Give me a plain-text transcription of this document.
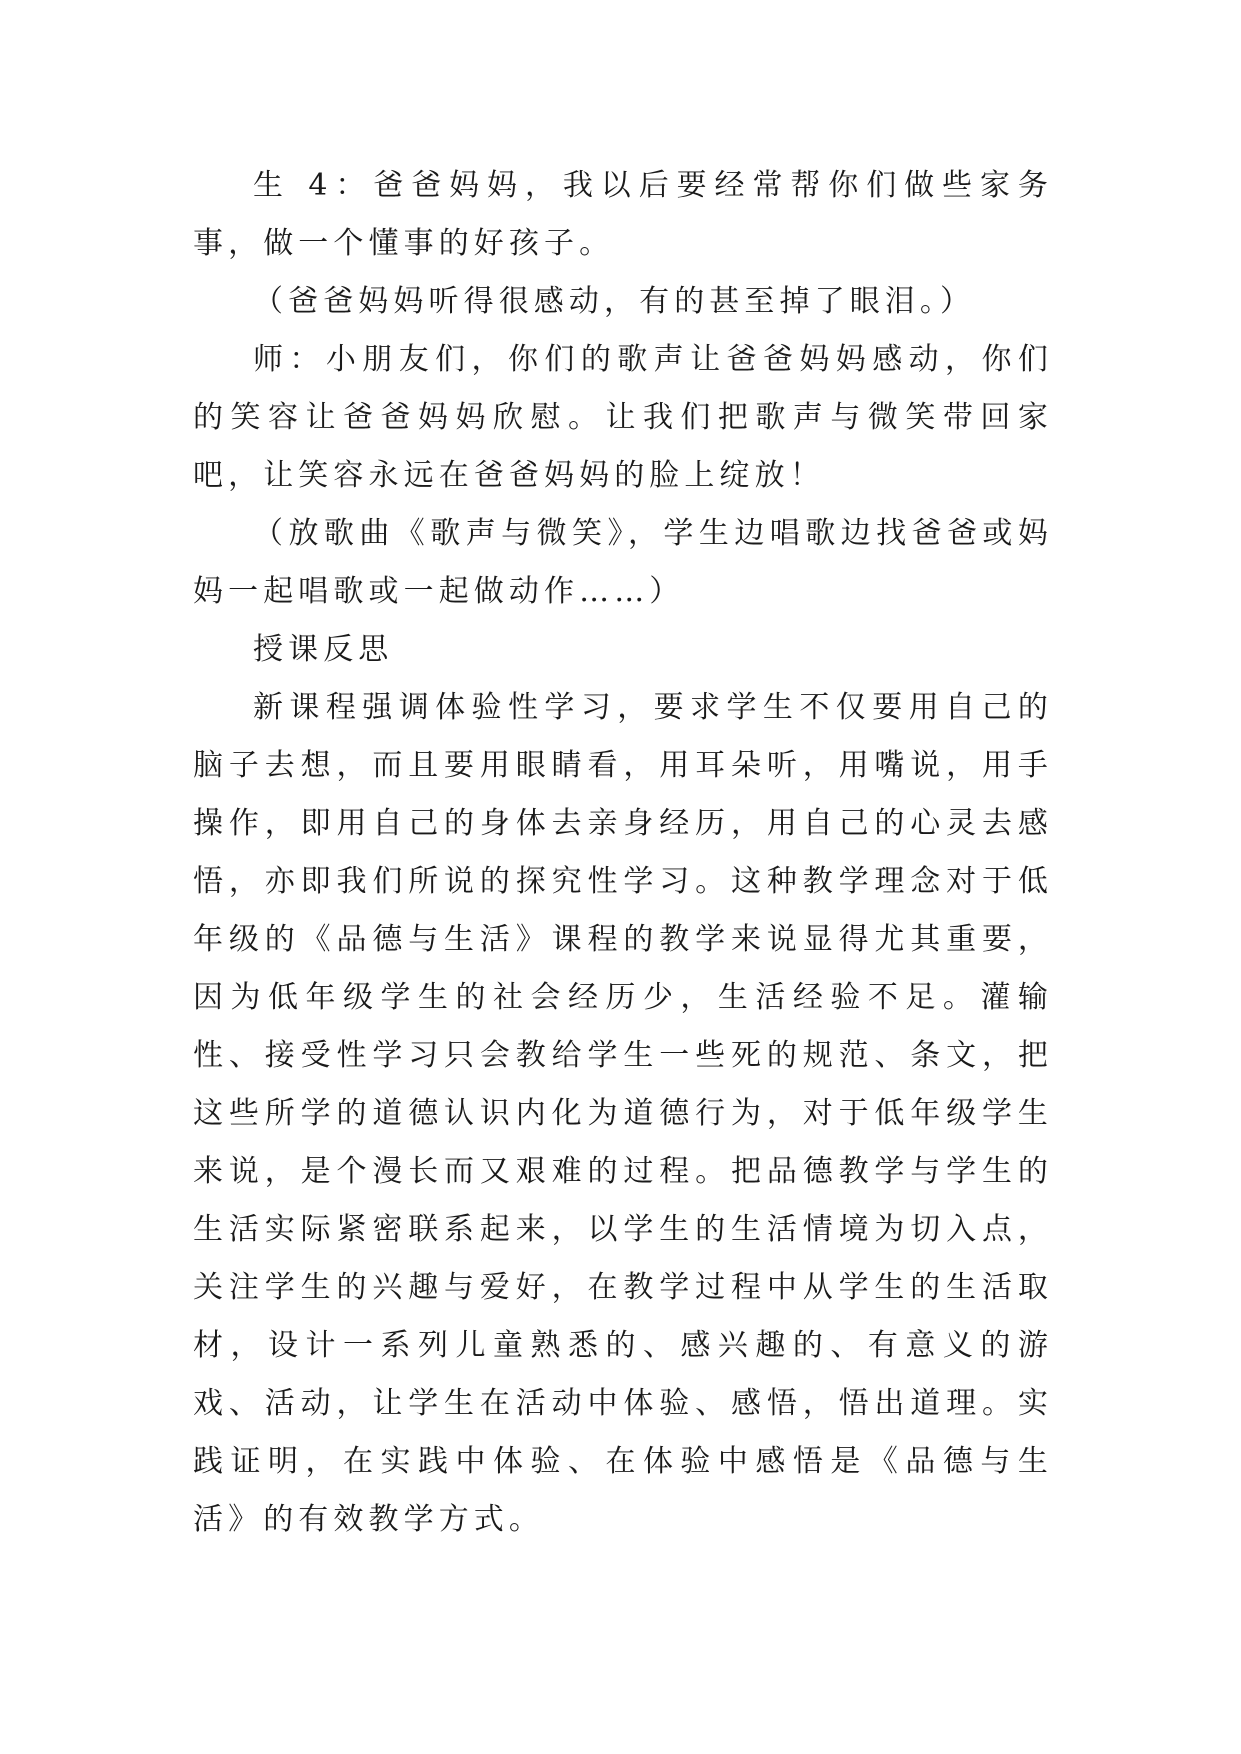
生 4：爸爸妈妈，我以后要经常帮你们做些家务事，做一个懂事的好孩子。

（爸爸妈妈听得很感动，有的甚至掉了眼泪。）

师：小朋友们，你们的歌声让爸爸妈妈感动，你们的笑容让爸爸妈妈欣慰。让我们把歌声与微笑带回家吧，让笑容永远在爸爸妈妈的脸上绽放！

（放歌曲《歌声与微笑》，学生边唱歌边找爸爸或妈妈一起唱歌或一起做动作……）

授课反思

新课程强调体验性学习，要求学生不仅要用自己的脑子去想，而且要用眼睛看，用耳朵听，用嘴说，用手操作，即用自己的身体去亲身经历，用自己的心灵去感悟，亦即我们所说的探究性学习。这种教学理念对于低年级的《品德与生活》课程的教学来说显得尤其重要，因为低年级学生的社会经历少，生活经验不足。灌输性、接受性学习只会教给学生一些死的规范、条文，把这些所学的道德认识内化为道德行为，对于低年级学生来说，是个漫长而又艰难的过程。把品德教学与学生的生活实际紧密联系起来，以学生的生活情境为切入点，关注学生的兴趣与爱好，在教学过程中从学生的生活取材，设计一系列儿童熟悉的、感兴趣的、有意义的游戏、活动，让学生在活动中体验、感悟，悟出道理。实践证明，在实践中体验、在体验中感悟是《品德与生活》的有效教学方式。
